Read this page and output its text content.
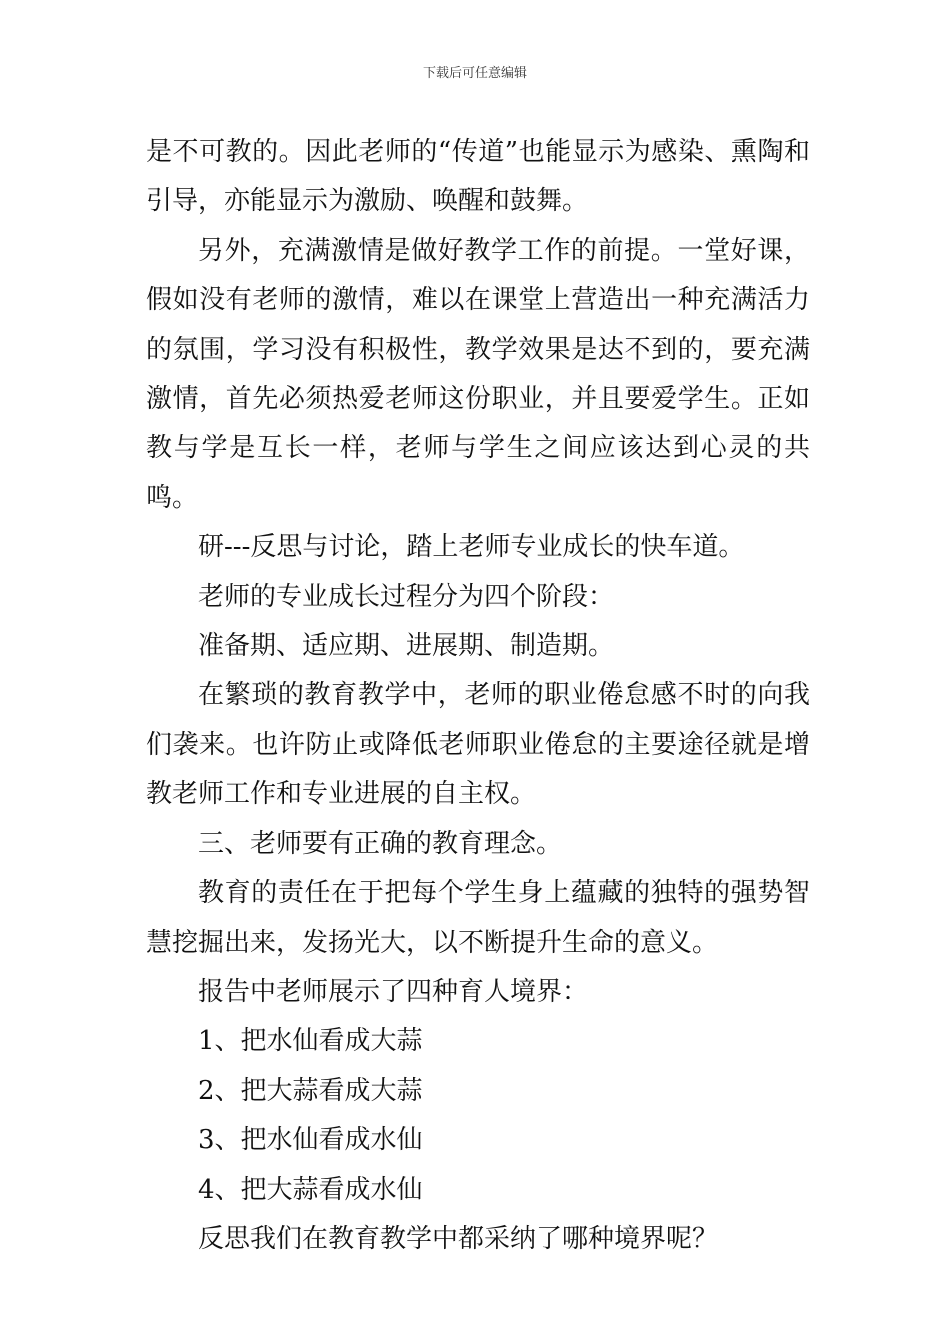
下载后可任意编辑

是不可教的。因此老师的“传道”也能显示为感染、熏陶和引导，亦能显示为激励、唤醒和鼓舞。

另外，充满激情是做好教学工作的前提。一堂好课，假如没有老师的激情，难以在课堂上营造出一种充满活力的氛围，学习没有积极性，教学效果是达不到的，要充满激情，首先必须热爱老师这份职业，并且要爱学生。正如教与学是互长一样，老师与学生之间应该达到心灵的共鸣。

研---反思与讨论，踏上老师专业成长的快车道。

老师的专业成长过程分为四个阶段：

准备期、适应期、进展期、制造期。

在繁琐的教育教学中，老师的职业倦怠感不时的向我们袭来。也许防止或降低老师职业倦怠的主要途径就是增教老师工作和专业进展的自主权。

三、老师要有正确的教育理念。

教育的责任在于把每个学生身上蕴藏的独特的强势智慧挖掘出来，发扬光大，以不断提升生命的意义。

报告中老师展示了四种育人境界：

1、把水仙看成大蒜

2、把大蒜看成大蒜

3、把水仙看成水仙

4、把大蒜看成水仙

反思我们在教育教学中都采纳了哪种境界呢？
